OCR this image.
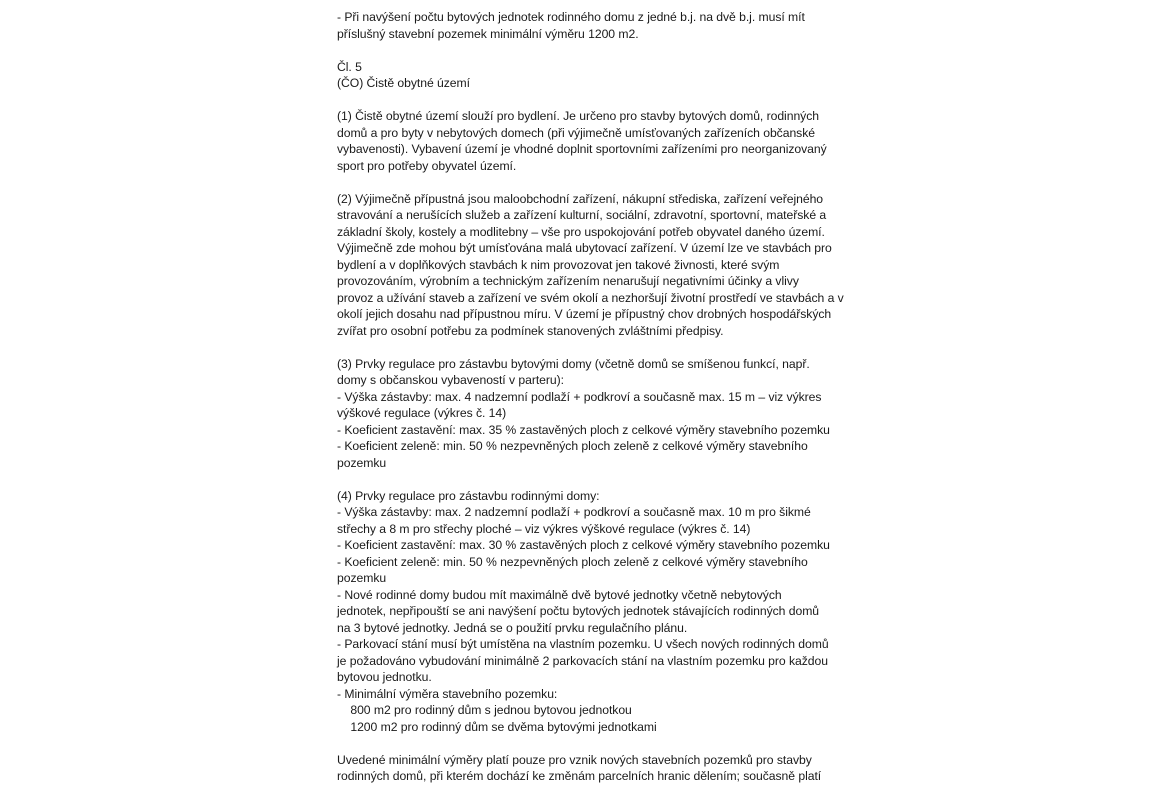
- Při navýšení počtu bytových jednotek rodinného domu z jedné b.j. na dvě b.j. musí mít
příslušný stavební pozemek minimální výměru 1200 m2.
Čl. 5
(ČO) Čistě obytné území
(1) Čistě obytné území slouží pro bydlení. Je určeno pro stavby bytových domů, rodinných
domů a pro byty v nebytových domech (při výjimečně umísťovaných zařízeních občanské
vybavenosti). Vybavení území je vhodné doplnit sportovními zařízeními pro neorganizovaný
sport pro potřeby obyvatel území.
(2) Výjimečně přípustná jsou maloobchodní zařízení, nákupní střediska, zařízení veřejného
stravování a nerušících služeb a zařízení kulturní, sociální, zdravotní, sportovní, mateřské a
základní školy, kostely a modlitebny – vše pro uspokojování potřeb obyvatel daného území.
Výjimečně zde mohou být umísťována malá ubytovací zařízení. V území lze ve stavbách pro
bydlení a v doplňkových stavbách k nim provozovat jen takové živnosti, které svým
provozováním, výrobním a technickým zařízením nenarušují negativními účinky a vlivy
provoz a užívání staveb a zařízení ve svém okolí a nezhoršují životní prostředí ve stavbách a v
okolí jejich dosahu nad přípustnou míru. V území je přípustný chov drobných hospodářských
zvířat pro osobní potřebu za podmínek stanovených zvláštními předpisy.
(3) Prvky regulace pro zástavbu bytovými domy (včetně domů se smíšenou funkcí, např.
domy s občanskou vybaveností v parteru):
- Výška zástavby: max. 4 nadzemní podlaží + podkroví a současně max. 15 m – viz výkres
výškové regulace (výkres č. 14)
- Koeficient zastavění: max. 35 % zastavěných ploch z celkové výměry stavebního pozemku
- Koeficient zeleně: min. 50 % nezpevněných ploch zeleně z celkové výměry stavebního
pozemku
(4) Prvky regulace pro zástavbu rodinnými domy:
- Výška zástavby: max. 2 nadzemní podlaží + podkroví a současně max. 10 m pro šikmé
střechy a 8 m pro střechy ploché – viz výkres výškové regulace (výkres č. 14)
- Koeficient zastavění: max. 30 % zastavěných ploch z celkové výměry stavebního pozemku
- Koeficient zeleně: min. 50 % nezpevněných ploch zeleně z celkové výměry stavebního
pozemku
- Nové rodinné domy budou mít maximálně dvě bytové jednotky včetně nebytových
jednotek, nepřipouští se ani navýšení počtu bytových jednotek stávajících rodinných domů
na 3 bytové jednotky. Jedná se o použití prvku regulačního plánu.
- Parkovací stání musí být umístěna na vlastním pozemku. U všech nových rodinných domů
je požadováno vybudování minimálně 2 parkovacích stání na vlastním pozemku pro každou
bytovou jednotku.
- Minimální výměra stavebního pozemku:
800 m2 pro rodinný dům s jednou bytovou jednotkou
1200 m2 pro rodinný dům se dvěma bytovými jednotkami
Uvedené minimální výměry platí pouze pro vznik nových stavebních pozemků pro stavby
rodinných domů, při kterém dochází ke změnám parcelních hranic dělením; současně platí
